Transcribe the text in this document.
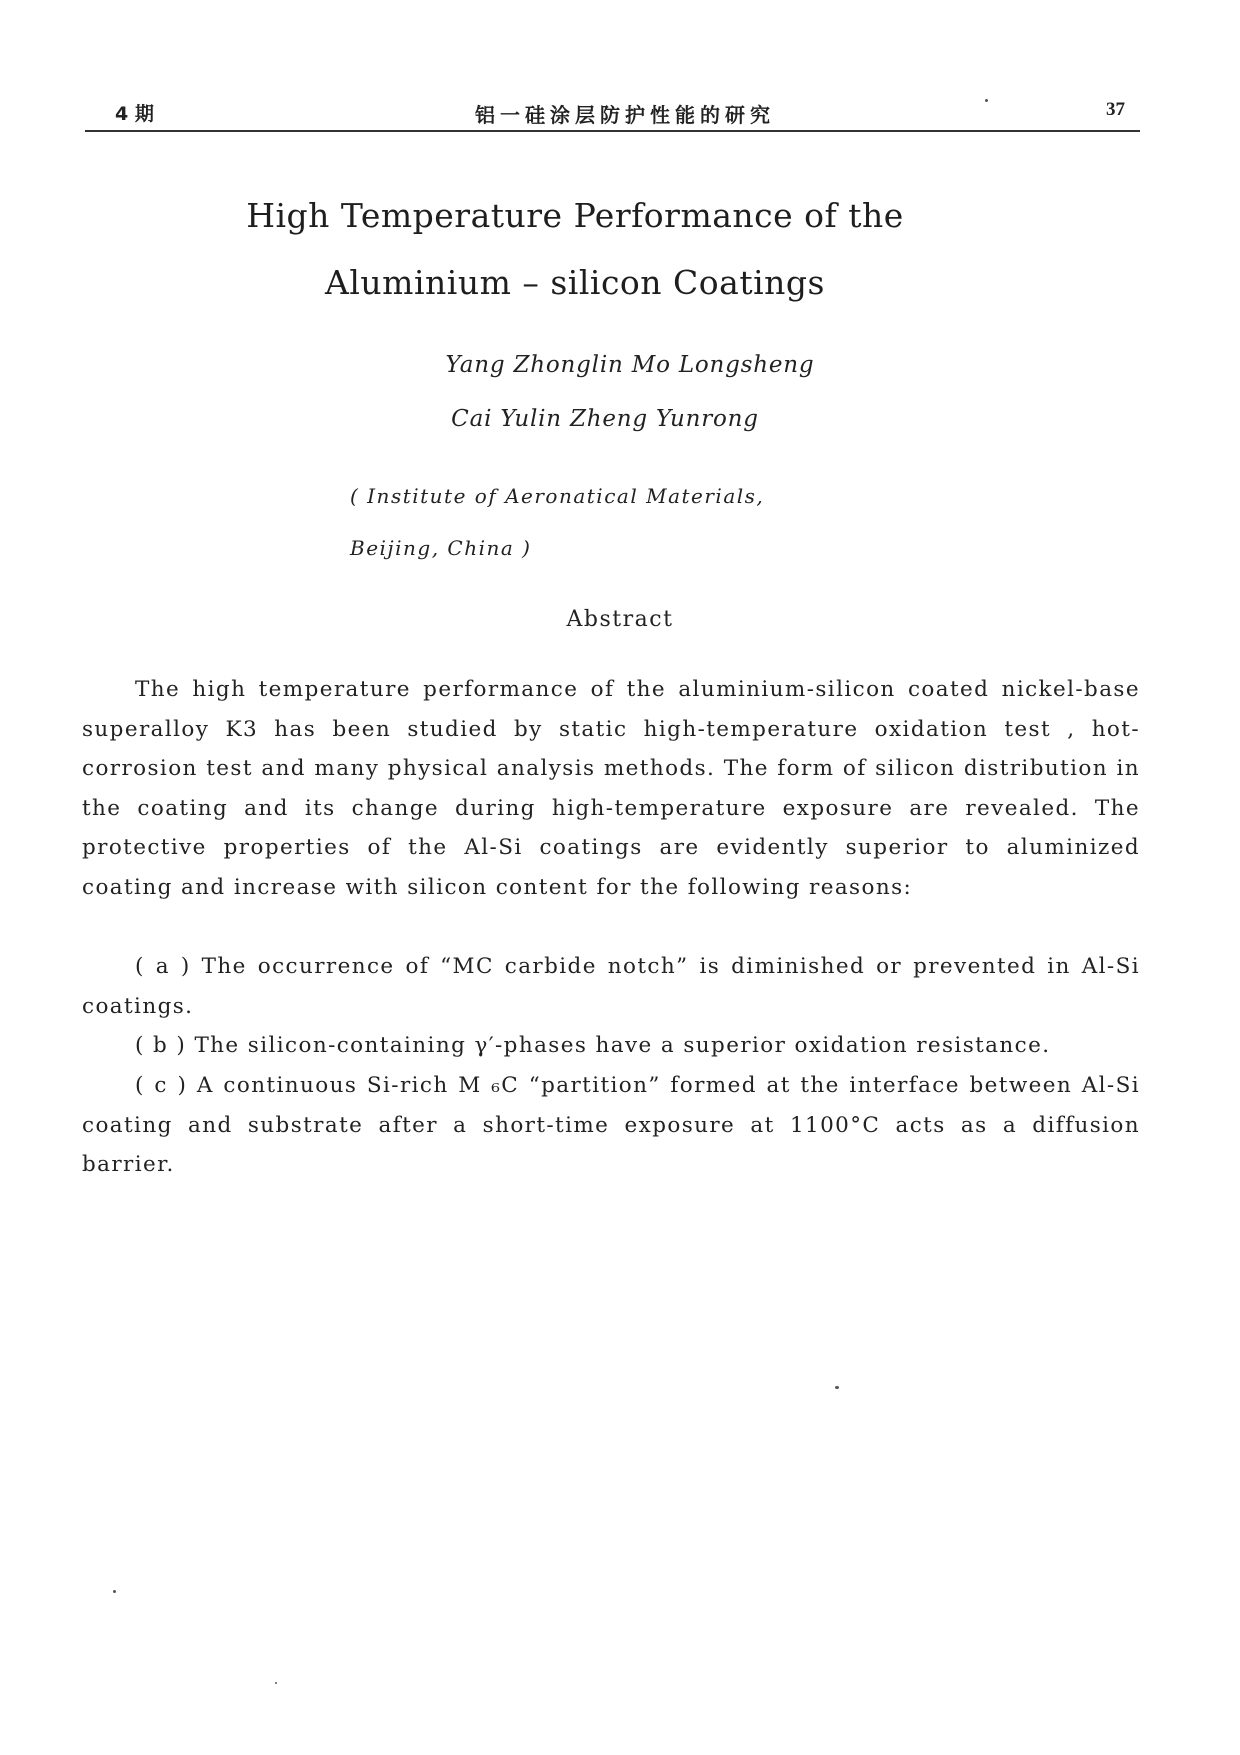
4 期	铝一硅涂层防护性能的研究	37
High Temperature Performance of the
Aluminium – silicon Coatings
Yang Zhonglin Mo Longsheng
Cai Yulin Zheng Yunrong
( Institute of Aeronatical Materials,
Beijing, China )
Abstract

The high temperature performance of the aluminium-silicon coated nickel-base superalloy K3 has been studied by static high-temperature oxidation test , hot-corrosion test and many physical analysis methods. The form of silicon distribution in the coating and its change during high-temperature exposure are revealed. The protective properties of the Al-Si coatings are evidently superior to aluminized coating and increase with silicon content for the following reasons:

( a ) The occurrence of “MC carbide notch” is diminished or prevented in Al-Si coatings.

( b ) The silicon-containing γ′-phases have a superior oxidation resistance.

( c ) A continuous Si-rich M ₆C “partition” formed at the interface between Al-Si coating and substrate after a short-time exposure at 1100°C acts as a diffusion barrier.
